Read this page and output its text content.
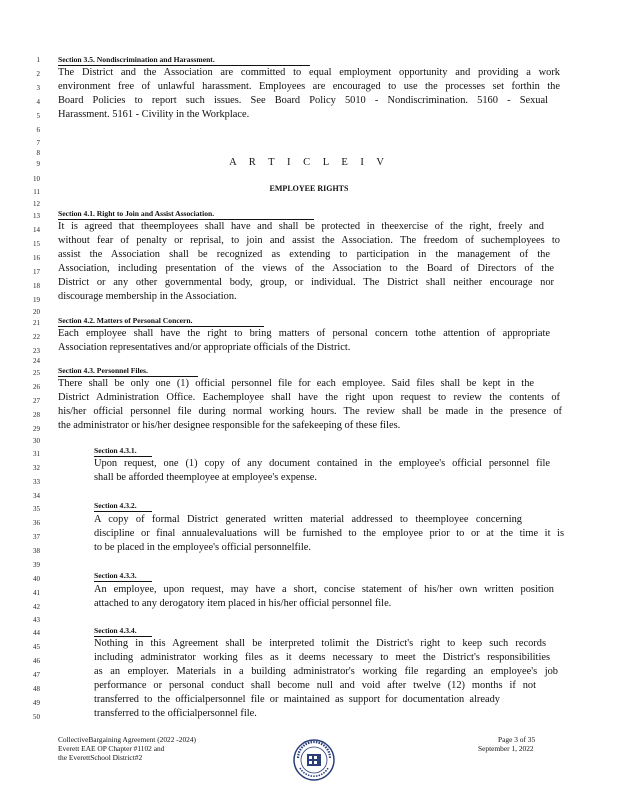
1
2
3
4
5
6
7
8
9
10
11
12
13
14
15
16
17
18
19
20
21
22
23
24
25
26
27
28
29
30
31
32
33
34
35
36
37
38
39
40
41
42
43
44
45
46
47
48
49
50
Section 3.5. Nondiscrimination and Harassment.
The District and the Association are committed to equal employment opportunity and providing a work
environment free of unlawful harassment. Employees are encouraged to use the processes set forthin the
Board Policies to report such issues. See Board Policy 5010 - Nondiscrimination. 5160 - Sexual
Harassment. 5161 - Civility in the Workplace.
A R T I C L E I V
EMPLOYEE RIGHTS
Section 4.1. Right to Join and Assist Association.
It is agreed that theemployees shall have and shall be protected in theexercise of the right, freely and
without fear of penalty or reprisal, to join and assist the Association. The freedom of suchemployees to
assist the Association shall be recognized as extending to participation in the management of the
Association, including presentation of the views of the Association to the Board of Directors of the
District or any other governmental body, group, or individual. The District shall neither encourage nor
discourage membership in the Association.
Section 4.2. Matters of Personal Concern.
Each employee shall have the right to bring matters of personal concern tothe attention of appropriate
Association representatives and/or appropriate officials of the District.
Section 4.3. Personnel Files.
There shall be only one (1) official personnel file for each employee. Said files shall be kept in the
District Administration Office. Eachemployee shall have the right upon request to review the contents of
his/her official personnel file during normal working hours. The review shall be made in the presence of
the administrator or his/her designee responsible for the safekeeping of these files.
Section 4.3.1.
Upon request, one (1) copy of any document contained in the employee's official personnel file
shall be afforded theemployee at employee's expense.
Section 4.3.2.
A copy of formal District generated written material addressed to theemployee concerning
discipline or final annualevaluations will be furnished to the employee prior to or at the time it is
to be placed in the employee's official personnelfile.
Section 4.3.3.
An employee, upon request, may have a short, concise statement of his/her own written position
attached to any derogatory item placed in his/her official personnel file.
Section 4.3.4.
Nothing in this Agreement shall be interpreted tolimit the District's right to keep such records
including administrator working files as it deems necessary to meet the District's responsibilities
as an employer. Materials in a building administrator's working file regarding an employee's job
performance or personal conduct shall become null and void after twelve (12) months if not
transferred to the officialpersonnel file or maintained as support for documentation already
transferred to the officialpersonnel file.
CollectiveBargaining Agreement (2022 -2024)
Everett EAE OP Chapter #1102 and
the EverettSchool District#2
Page 3 of 35
September 1, 2022
